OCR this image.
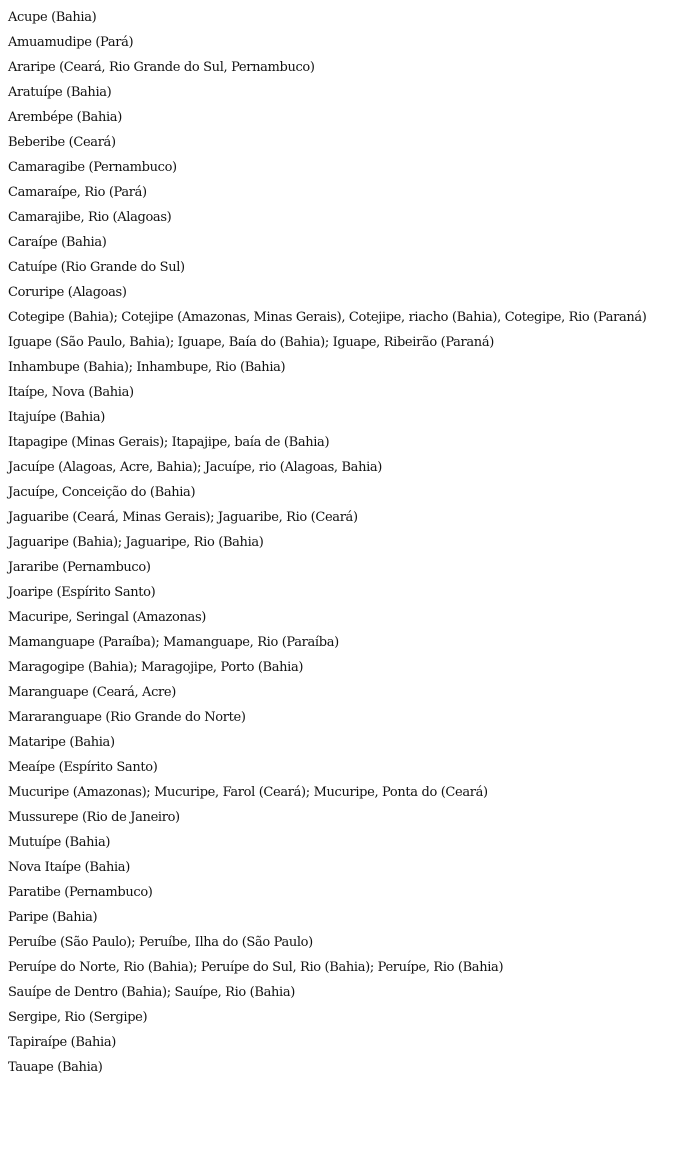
Acupe (Bahia)
Amuamudipe (Pará)
Araripe (Ceará, Rio Grande do Sul, Pernambuco)
Aratuípe (Bahia)
Arembépe (Bahia)
Beberibe (Ceará)
Camaragibe (Pernambuco)
Camaraípe, Rio (Pará)
Camarajibe, Rio (Alagoas)
Caraípe (Bahia)
Catuípe (Rio Grande do Sul)
Coruripe (Alagoas)
Cotegipe (Bahia); Cotejipe (Amazonas, Minas Gerais), Cotejipe, riacho (Bahia), Cotegipe, Rio (Paraná)
Iguape (São Paulo, Bahia); Iguape, Baía do (Bahia); Iguape, Ribeirão (Paraná)
Inhambupe (Bahia); Inhambupe, Rio (Bahia)
Itaípe, Nova (Bahia)
Itajuípe (Bahia)
Itapagipe (Minas Gerais); Itapajipe, baía de (Bahia)
Jacuípe (Alagoas, Acre, Bahia); Jacuípe, rio (Alagoas, Bahia)
Jacuípe, Conceição do (Bahia)
Jaguaribe (Ceará, Minas Gerais); Jaguaribe, Rio (Ceará)
Jaguaripe (Bahia); Jaguaripe, Rio (Bahia)
Jararibe (Pernambuco)
Joaripe (Espírito Santo)
Macuripe, Seringal (Amazonas)
Mamanguape (Paraíba); Mamanguape, Rio (Paraíba)
Maragogipe (Bahia); Maragojipe, Porto (Bahia)
Maranguape (Ceará, Acre)
Mararanguape (Rio Grande do Norte)
Mataripe (Bahia)
Meaípe (Espírito Santo)
Mucuripe (Amazonas); Mucuripe, Farol (Ceará); Mucuripe, Ponta do (Ceará)
Mussurepe (Rio de Janeiro)
Mutuípe (Bahia)
Nova Itaípe (Bahia)
Paratibe (Pernambuco)
Paripe (Bahia)
Peruíbe (São Paulo); Peruíbe, Ilha do (São Paulo)
Peruípe do Norte, Rio (Bahia); Peruípe do Sul, Rio (Bahia); Peruípe, Rio (Bahia)
Sauípe de Dentro (Bahia); Sauípe, Rio (Bahia)
Sergipe, Rio (Sergipe)
Tapiraípe (Bahia)
Tauape (Bahia)
